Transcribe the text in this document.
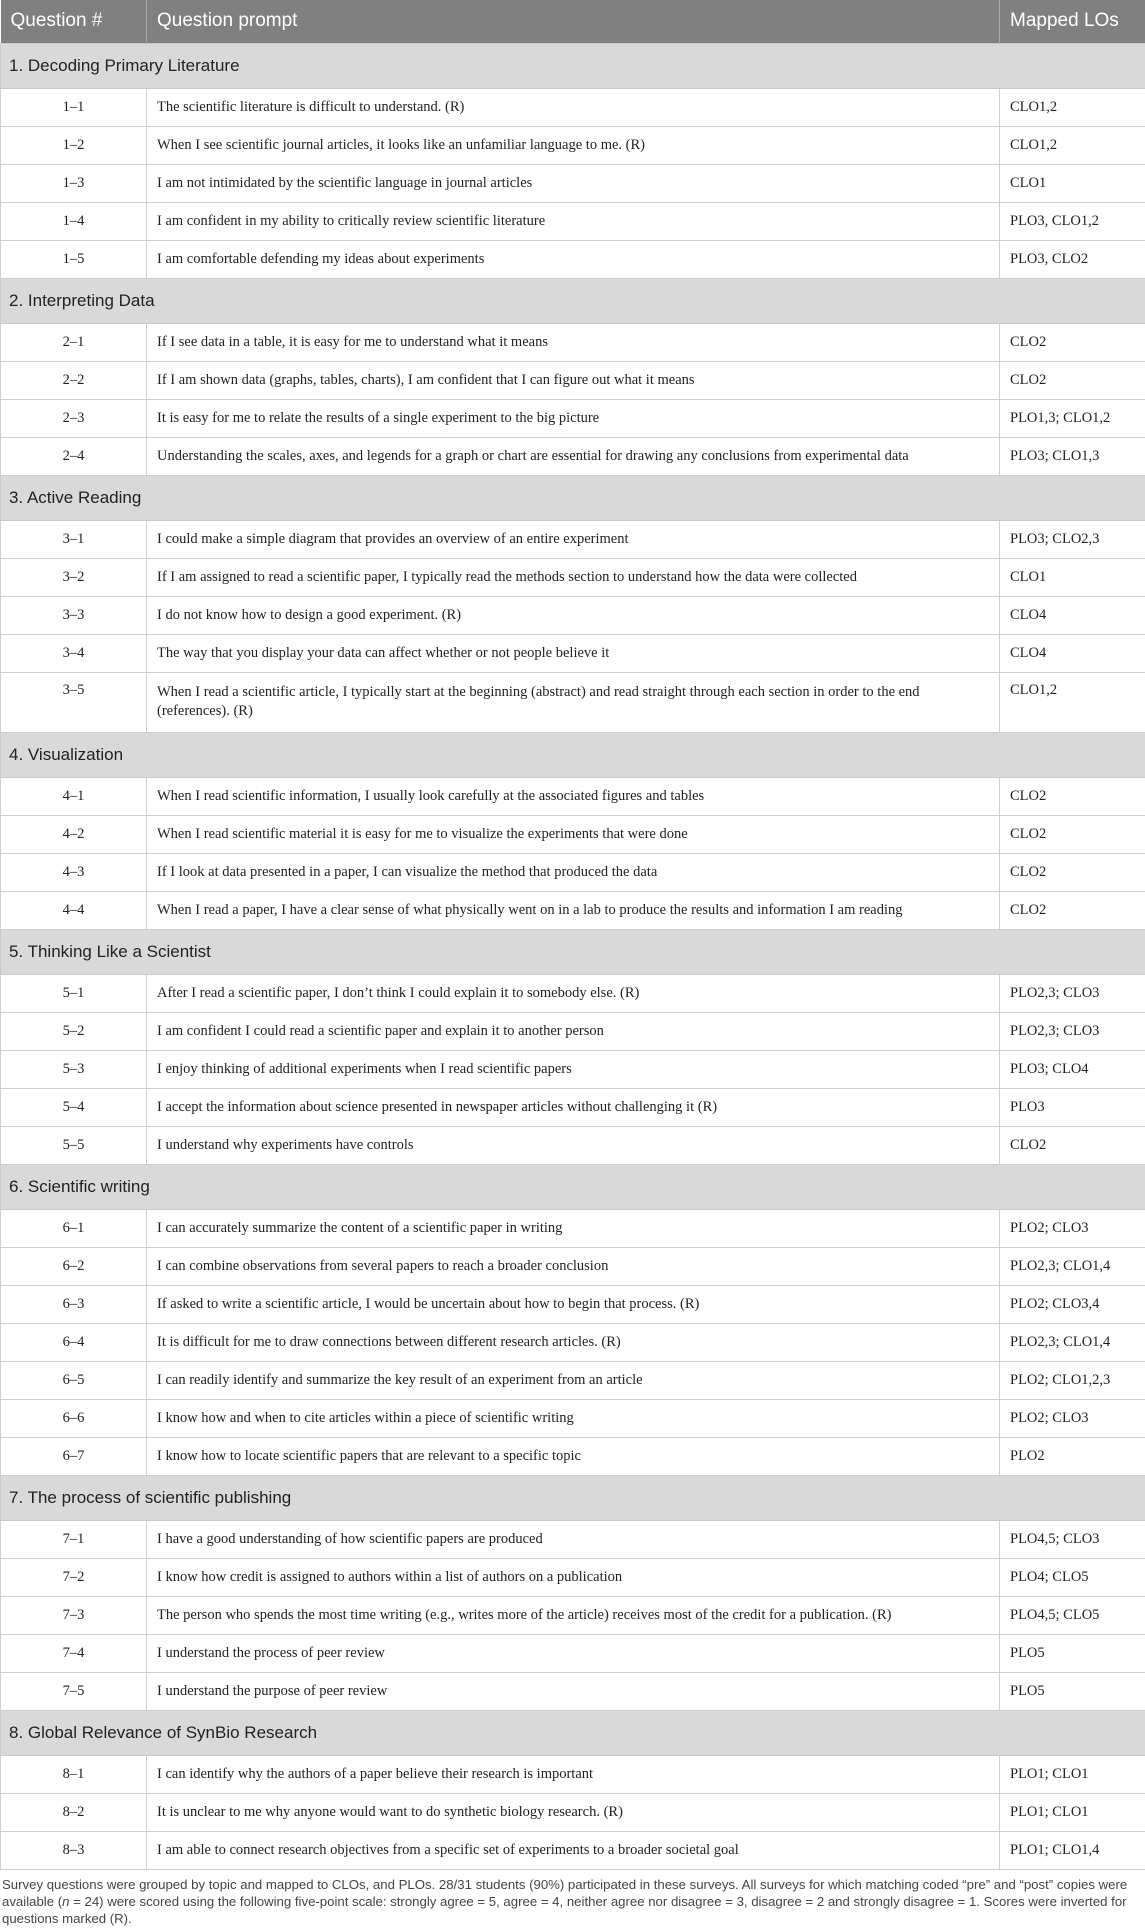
Question #	Question prompt	Mapped LOs
1. Decoding Primary Literature		
1–1	The scientific literature is difficult to understand. (R)	CLO1,2
1–2	When I see scientific journal articles, it looks like an unfamiliar language to me. (R)	CLO1,2
1–3	I am not intimidated by the scientific language in journal articles	CLO1
1–4	I am confident in my ability to critically review scientific literature	PLO3, CLO1,2
1–5	I am comfortable defending my ideas about experiments	PLO3, CLO2
2. Interpreting Data		
2–1	If I see data in a table, it is easy for me to understand what it means	CLO2
2–2	If I am shown data (graphs, tables, charts), I am confident that I can figure out what it means	CLO2
2–3	It is easy for me to relate the results of a single experiment to the big picture	PLO1,3; CLO1,2
2–4	Understanding the scales, axes, and legends for a graph or chart are essential for drawing any conclusions from experimental data	PLO3; CLO1,3
3. Active Reading		
3–1	I could make a simple diagram that provides an overview of an entire experiment	PLO3; CLO2,3
3–2	If I am assigned to read a scientific paper, I typically read the methods section to understand how the data were collected	CLO1
3–3	I do not know how to design a good experiment. (R)	CLO4
3–4	The way that you display your data can affect whether or not people believe it	CLO4
3–5	When I read a scientific article, I typically start at the beginning (abstract) and read straight through each section in order to the end (references). (R)	CLO1,2
4. Visualization		
4–1	When I read scientific information, I usually look carefully at the associated figures and tables	CLO2
4–2	When I read scientific material it is easy for me to visualize the experiments that were done	CLO2
4–3	If I look at data presented in a paper, I can visualize the method that produced the data	CLO2
4–4	When I read a paper, I have a clear sense of what physically went on in a lab to produce the results and information I am reading	CLO2
5. Thinking Like a Scientist		
5–1	After I read a scientific paper, I don’t think I could explain it to somebody else. (R)	PLO2,3; CLO3
5–2	I am confident I could read a scientific paper and explain it to another person	PLO2,3; CLO3
5–3	I enjoy thinking of additional experiments when I read scientific papers	PLO3; CLO4
5–4	I accept the information about science presented in newspaper articles without challenging it (R)	PLO3
5–5	I understand why experiments have controls	CLO2
6. Scientific writing		
6–1	I can accurately summarize the content of a scientific paper in writing	PLO2; CLO3
6–2	I can combine observations from several papers to reach a broader conclusion	PLO2,3; CLO1,4
6–3	If asked to write a scientific article, I would be uncertain about how to begin that process. (R)	PLO2; CLO3,4
6–4	It is difficult for me to draw connections between different research articles. (R)	PLO2,3; CLO1,4
6–5	I can readily identify and summarize the key result of an experiment from an article	PLO2; CLO1,2,3
6–6	I know how and when to cite articles within a piece of scientific writing	PLO2; CLO3
6–7	I know how to locate scientific papers that are relevant to a specific topic	PLO2
7. The process of scientific publishing		
7–1	I have a good understanding of how scientific papers are produced	PLO4,5; CLO3
7–2	I know how credit is assigned to authors within a list of authors on a publication	PLO4; CLO5
7–3	The person who spends the most time writing (e.g., writes more of the article) receives most of the credit for a publication. (R)	PLO4,5; CLO5
7–4	I understand the process of peer review	PLO5
7–5	I understand the purpose of peer review	PLO5
8. Global Relevance of SynBio Research		
8–1	I can identify why the authors of a paper believe their research is important	PLO1; CLO1
8–2	It is unclear to me why anyone would want to do synthetic biology research. (R)	PLO1; CLO1
8–3	I am able to connect research objectives from a specific set of experiments to a broader societal goal	PLO1; CLO1,4
Survey questions were grouped by topic and mapped to CLOs, and PLOs. 28/31 students (90%) participated in these surveys. All surveys for which matching coded “pre” and “post” copies were available (n = 24) were scored using the following five-point scale: strongly agree = 5, agree = 4, neither agree nor disagree = 3, disagree = 2 and strongly disagree = 1. Scores were inverted for questions marked (R).
